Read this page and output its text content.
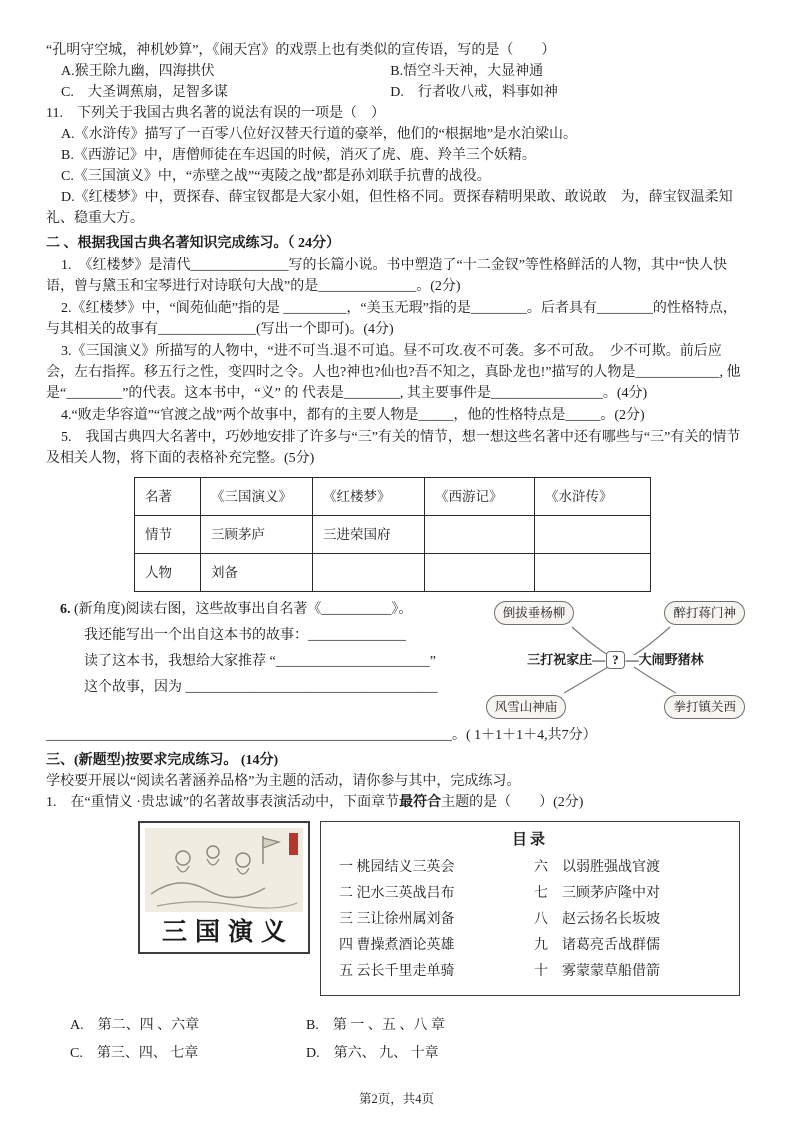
“孔明守空城，神机妙算”，《闹天宫》的戏票上也有类似的宣传语，写的是（　　）

A.猴王除九幽，四海拱伏	B.悟空斗天神，大显神通
C.　大圣调蕉扇，足智多谋	D.　行者收八戒，料事如神

11.　下列关于我国古典名著的说法有误的一项是（　）

A.《水浒传》描写了一百零八位好汉替天行道的豪举，他们的“根据地”是水泊梁山。

B.《西游记》中，唐僧师徒在车迟国的时候，消灭了虎、鹿、羚羊三个妖精。

C.《三国演义》中，“赤壁之战”“夷陵之战”都是孙刘联手抗曹的战役。

D.《红楼梦》中，贾探春、薛宝钗都是大家小姐，但性格不同。贾探春精明果敢、敢说敢　为，薛宝钗温柔知礼、稳重大方。

二 、根据我国古典名著知识完成练习。（ 24分）

1.　《红楼梦》是清代______________写的长篇小说。书中塑造了“十二金钗”等性格鲜活的人物，其中“快人快语，曾与黛玉和宝琴进行对诗联句大战”的是______________。(2分)

2.《红楼梦》中，“阆苑仙葩”指的是 _________，“美玉无瑕”指的是________。后者具有________的性格特点，与其相关的故事有______________(写出一个即可)。(4分)

3.《三国演义》所描写的人物中，“进不可当.退不可追。昼不可攻.夜不可袭。多不可敌。　少不可欺。前后应会，左右指挥。移五行之性，变四时之令。人也?神也?仙也?吾不知之，真卧龙也!”描写的人物是____________, 他是“________”的代表。这本书中，“义” 的 代表是________, 其主要事件是________________。(4分)

4.“败走华容道”“官渡之战”两个故事中，都有的主要人物是_____，他的性格特点是_____。(2分)

5.　我国古典四大名著中，巧妙地安排了许多与“三”有关的情节，想一想这些名著中还有哪些与“三”有关的情节及相关人物，将下面的表格补充完整。(5分)

名著	《三国演义》	《红楼梦》	《西游记》	《水浒传》
情节	三顾茅庐	三进荣国府		
人物	刘备			

6. (新角度)阅读右图，这些故事出自名著《__________》。

我还能写出一个出自这本书的故事：______________

读了这本书，我想给大家推荐 “______________________”

这个故事，因为 ____________________________________

倒拔垂杨柳	醉打蒋门神
三打祝家庄 — ? — 大闹野猪林
风雪山神庙	拳打镇关西

__________________________________________________________。( 1＋1＋1＋4,共7分）

三、(新题型)按要求完成练习。 (14分)

学校要开展以“阅读名著涵养品格”为主题的活动，请你参与其中，完成练习。

1.　在“重情义 ·贵忠诚”的名著故事表演活动中，下面章节最符合主题的是（　　）(2分)

三国演义
目录
一 桃园结义三英会	六　以弱胜强战官渡
二 汜水三英战吕布	七　三顾茅庐隆中对
三 三让徐州属刘备	八　赵云扬名长坂坡
四 曹操煮酒论英雄	九　诸葛亮舌战群儒
五 云长千里走单骑	十　雾蒙蒙草船借箭
A.　第二、四 、六章	B.　第 一 、五 、八 章
C.　第三、四、 七章	D.　第六、 九、 十章
第2页，共4页
